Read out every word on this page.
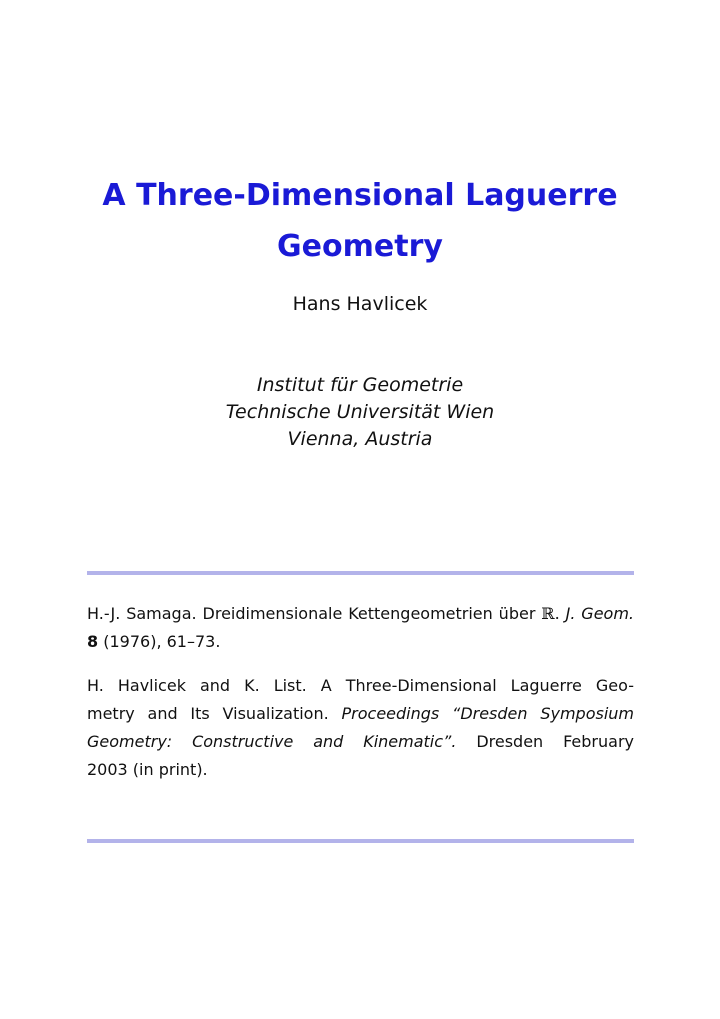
A Three-Dimensional Laguerre
Geometry
Hans Havlicek
Institut für Geometrie
Technische Universität Wien
Vienna, Austria
H.-J. Samaga. Dreidimensionale Kettengeometrien über ℝ. J. Geom.
8 (1976), 61–73.
H. Havlicek and K. List. A Three-Dimensional Laguerre Geo-
metry and Its Visualization. Proceedings “Dresden Symposium
Geometry: Constructive and Kinematic”. Dresden February
2003 (in print).
